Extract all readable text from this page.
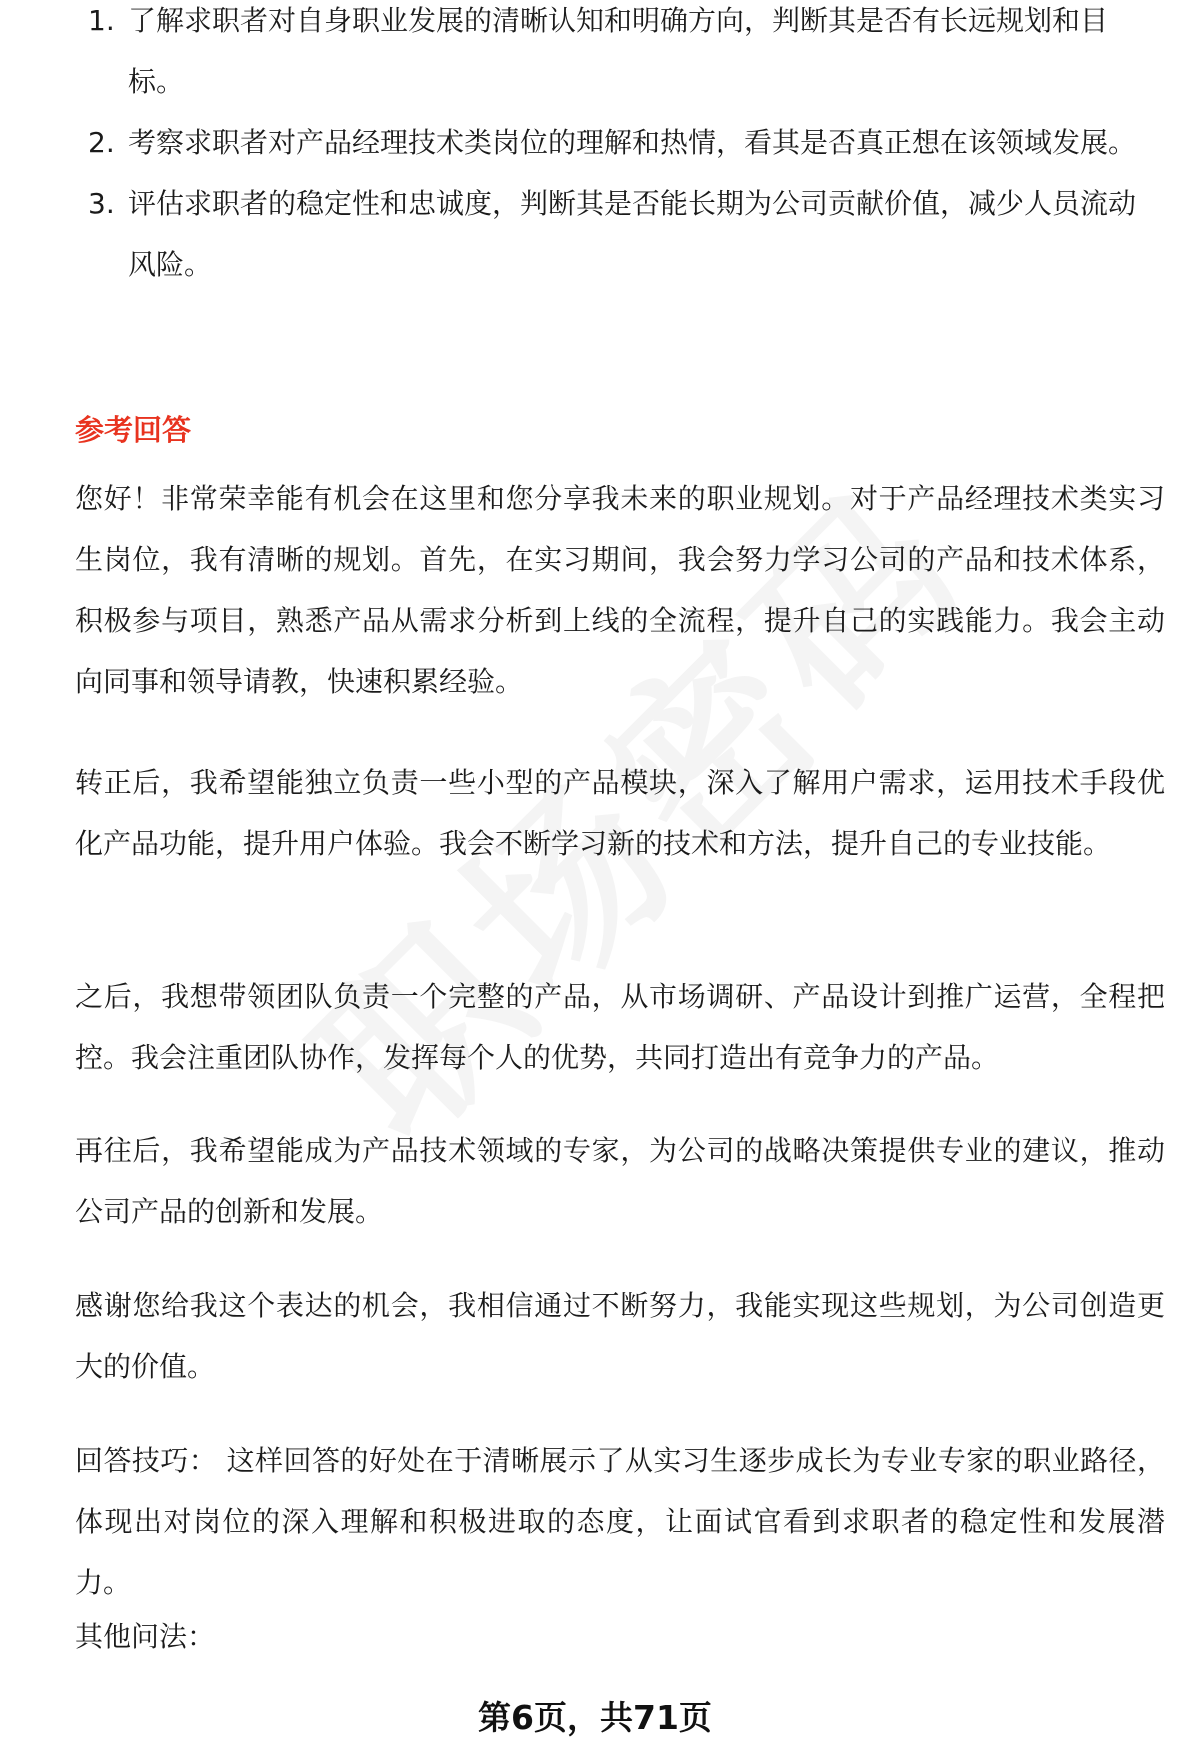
1. 了解求职者对自身职业发展的清晰认知和明确方向，判断其是否有长远规划和目标。
2. 考察求职者对产品经理技术类岗位的理解和热情，看其是否真正想在该领域发展。
3. 评估求职者的稳定性和忠诚度，判断其是否能长期为公司贡献价值，减少人员流动风险。
参考回答

您好！非常荣幸能有机会在这里和您分享我未来的职业规划。对于产品经理技术类实习生岗位，我有清晰的规划。首先，在实习期间，我会努力学习公司的产品和技术体系，积极参与项目，熟悉产品从需求分析到上线的全流程，提升自己的实践能力。我会主动向同事和领导请教，快速积累经验。

转正后，我希望能独立负责一些小型的产品模块，深入了解用户需求，运用技术手段优化产品功能，提升用户体验。我会不断学习新的技术和方法，提升自己的专业技能。

之后，我想带领团队负责一个完整的产品，从市场调研、产品设计到推广运营，全程把控。我会注重团队协作，发挥每个人的优势，共同打造出有竞争力的产品。

再往后，我希望能成为产品技术领域的专家，为公司的战略决策提供专业的建议，推动公司产品的创新和发展。

感谢您给我这个表达的机会，我相信通过不断努力，我能实现这些规划，为公司创造更大的价值。

回答技巧： 这样回答的好处在于清晰展示了从实习生逐步成长为专业专家的职业路径，体现出对岗位的深入理解和积极进取的态度，让面试官看到求职者的稳定性和发展潜力。

其他问法：

第6页，共71页
